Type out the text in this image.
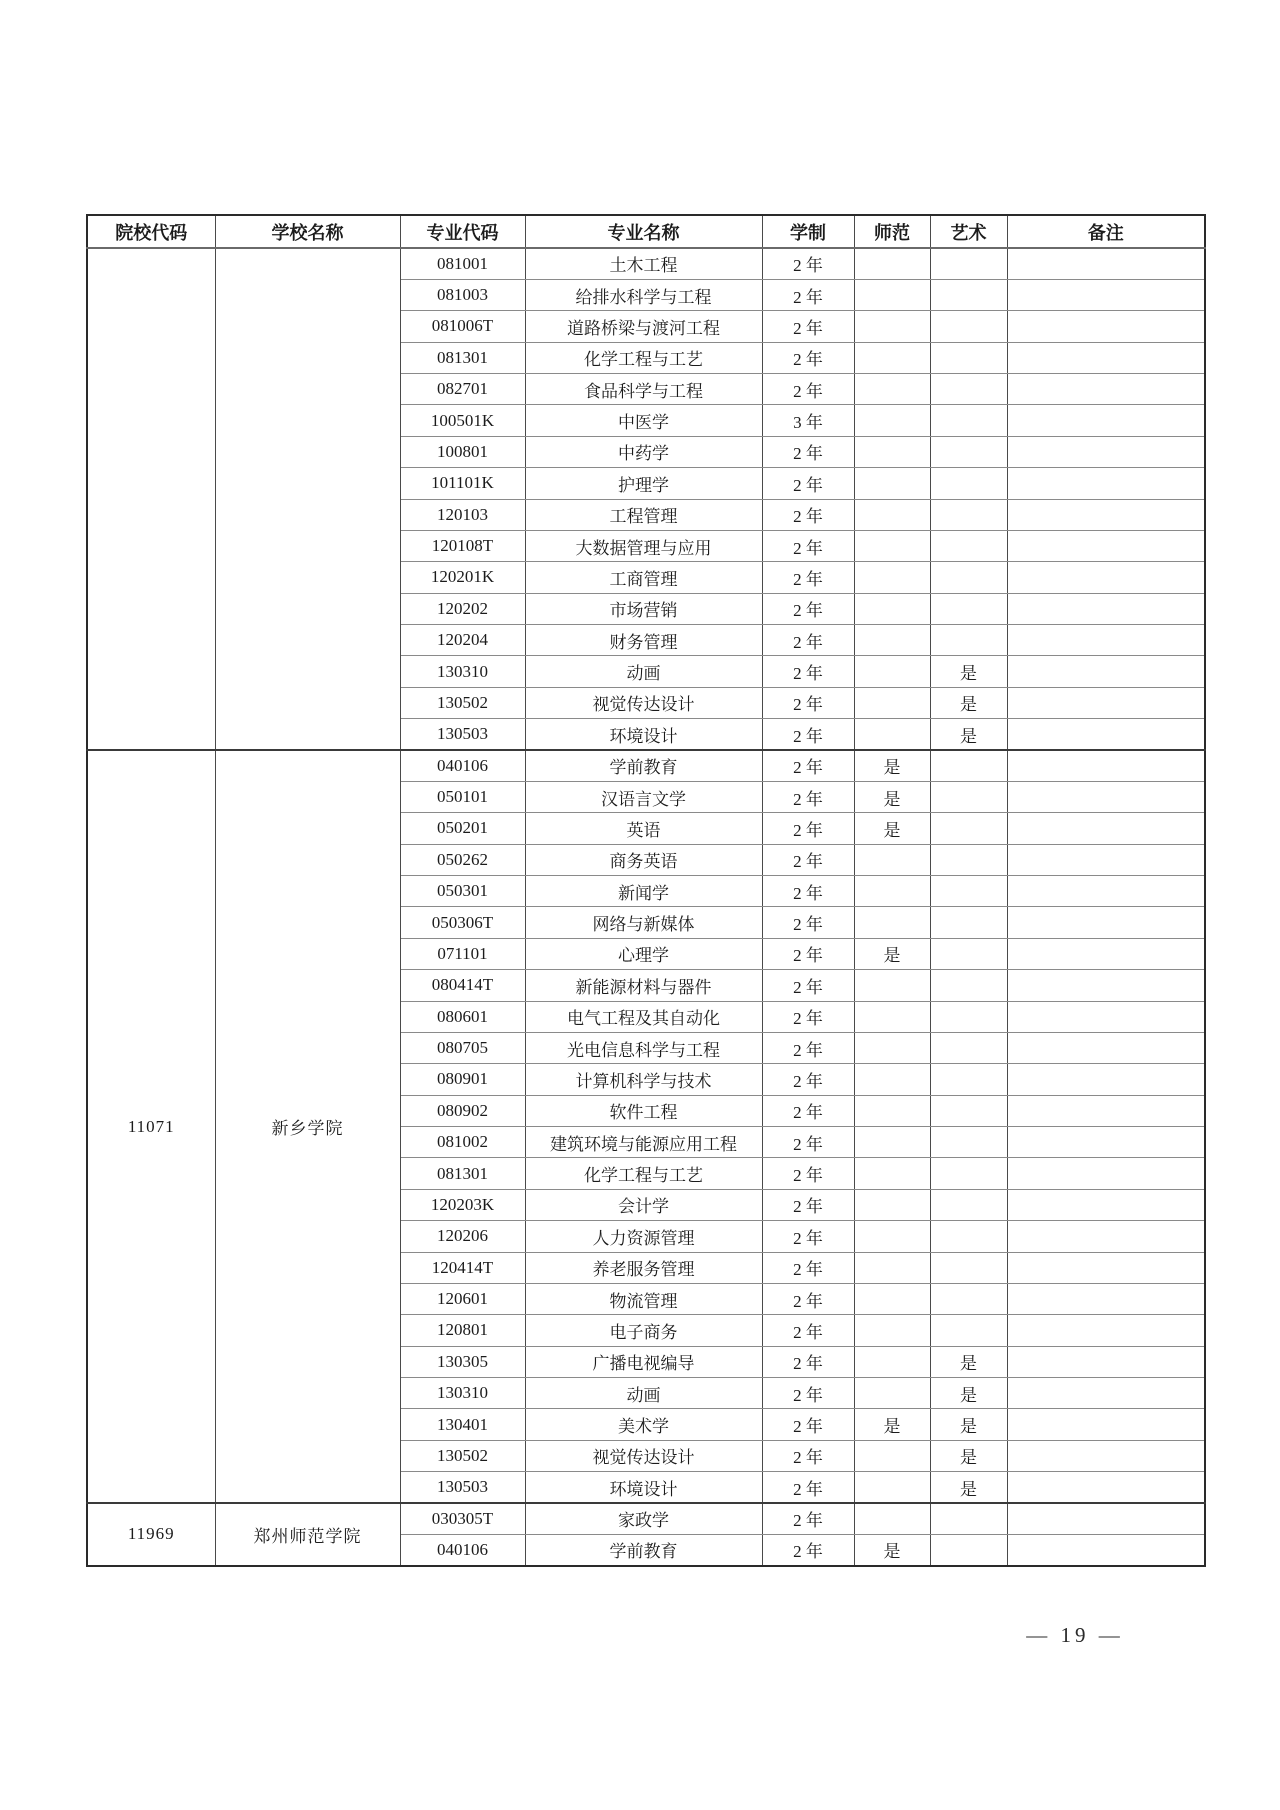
院校代码	学校名称	专业代码	专业名称	学制	师范	艺术	备注
		081001	土木工程	2 年			
		081003	给排水科学与工程	2 年			
		081006T	道路桥梁与渡河工程	2 年			
		081301	化学工程与工艺	2 年			
		082701	食品科学与工程	2 年			
		100501K	中医学	3 年			
		100801	中药学	2 年			
		101101K	护理学	2 年			
		120103	工程管理	2 年			
		120108T	大数据管理与应用	2 年			
		120201K	工商管理	2 年			
		120202	市场营销	2 年			
		120204	财务管理	2 年			
		130310	动画	2 年		是	
		130502	视觉传达设计	2 年		是	
		130503	环境设计	2 年		是	
11071	新乡学院	040106	学前教育	2 年	是		
		050101	汉语言文学	2 年	是		
		050201	英语	2 年	是		
		050262	商务英语	2 年			
		050301	新闻学	2 年			
		050306T	网络与新媒体	2 年			
		071101	心理学	2 年	是		
		080414T	新能源材料与器件	2 年			
		080601	电气工程及其自动化	2 年			
		080705	光电信息科学与工程	2 年			
		080901	计算机科学与技术	2 年			
		080902	软件工程	2 年			
		081002	建筑环境与能源应用工程	2 年			
		081301	化学工程与工艺	2 年			
		120203K	会计学	2 年			
		120206	人力资源管理	2 年			
		120414T	养老服务管理	2 年			
		120601	物流管理	2 年			
		120801	电子商务	2 年			
		130305	广播电视编导	2 年		是	
		130310	动画	2 年		是	
		130401	美术学	2 年	是	是	
		130502	视觉传达设计	2 年		是	
		130503	环境设计	2 年		是	
11969	郑州师范学院	030305T	家政学	2 年			
		040106	学前教育	2 年	是		
— 19 —
